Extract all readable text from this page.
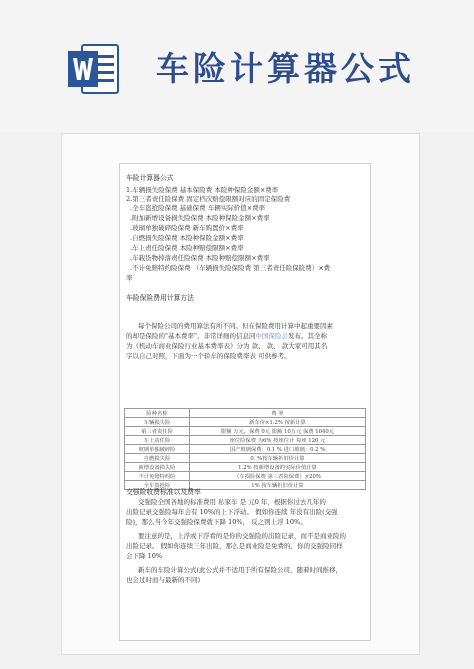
车险计算器公式
车险计算器公式
1.车辆损失险保费 基本保险费 本险种保险金额×费率
2.第三者责任险保费 固定档次赔偿限额对应的固定保险费
.全车盗抢险保费 基础保费 车辆实际价值×费率
.附加新增设备损失险保费 本险种保险金额×费率
.玻璃单独破碎险保费 新车购置价×费率
.自燃损失险保费 本险种保险金额×费率
.车上责任险保费 本险种赔偿限额×费率
.车载货物掉落责任险保费 本险种赔偿限额×费率
.不计免赔特约险保费 （车辆损失险保险费 第三者责任险保险费）×费
率
车险保险费用计算方法
每个保险公司的费用算法有所不同。但在保险费用计算中起重要因素
的却是保险的"基本费率"，非常详细的信息同中国保险会发布。其全称
为《机动车商业保险行业基本费率表》分为 款、 款、 款大家可用其名
字以自己对照，下面为一个轿车的保险费率表 可供参考。
险种名称	费 率
车辆损失险	新车价×1.2% 按新计算
第三者责任险	限额 万元。保费 0元 限额 10万元 保费 1040元
车上责任险	座位险保费 为6% 按座位计 每座 120 元
玻璃单独破碎险	国产玻璃保费：0.1 % 进口玻璃：0.2 %
自燃损失险	0. %按车辆折旧价计算
新增设备损失险	1.2% 按新增设备的实际价值计算
不计免赔特约险	（车损险保费 第三者险保费）×20%
全车盗抢险	1% 按车辆折旧价计算
交强险收费标准以及费率
交强险全国各地的标准费用 私家车 是 元0 年，根据你过去几年的
出险记录交强险每年会有 10%的上下浮动。 假如你连续 年没有出险(交强
险)，那么当今年交强险保费就下降 10%， 反之则上浮 10%。
要注意的是，上浮或下浮看的是你的交强险的出险记录，而不是商业险的
出险记录。 假如你连续三年出险，那么是商业险是免费的，你的交强险同样
会下降 10%
新车的车险计算公式(此公式并不适用于所有保险公司，随着时间推移，
也会过时而与最新的不同)
